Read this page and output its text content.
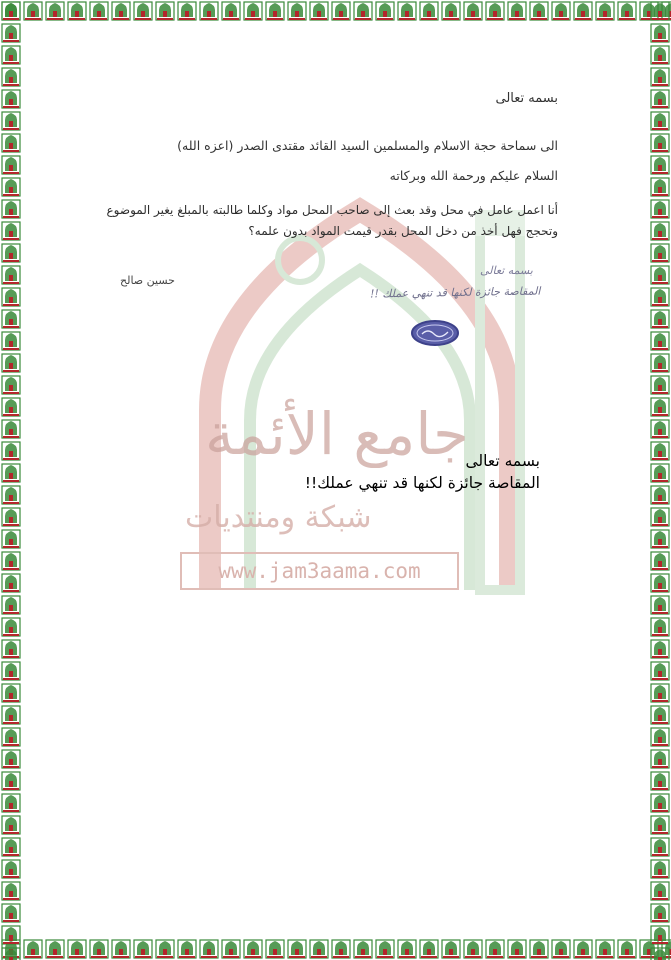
جامع الأئمة
شبكة ومنتديات
www.jam3aama.com
بسمه تعالى
الى سماحة حجة الاسلام والمسلمين السيد القائد مقتدى الصدر (اعزه الله)
السلام عليكم ورحمة الله وبركاته
أنا اعمل عامل في محل وقد بعث إلى صاحب المحل مواد وكلما طالبته بالمبلغ يغير الموضوع وتحجج فهل أخذ من دخل المحل بقدر قيمت المواد بدون علمه؟
حسين صالح
بسمه تعالى
المقاصة جائزة لكنها قد تنهي عملك !!
بسمه تعالى
المقاصة جائزة لكنها قد تنهي عملك!!
